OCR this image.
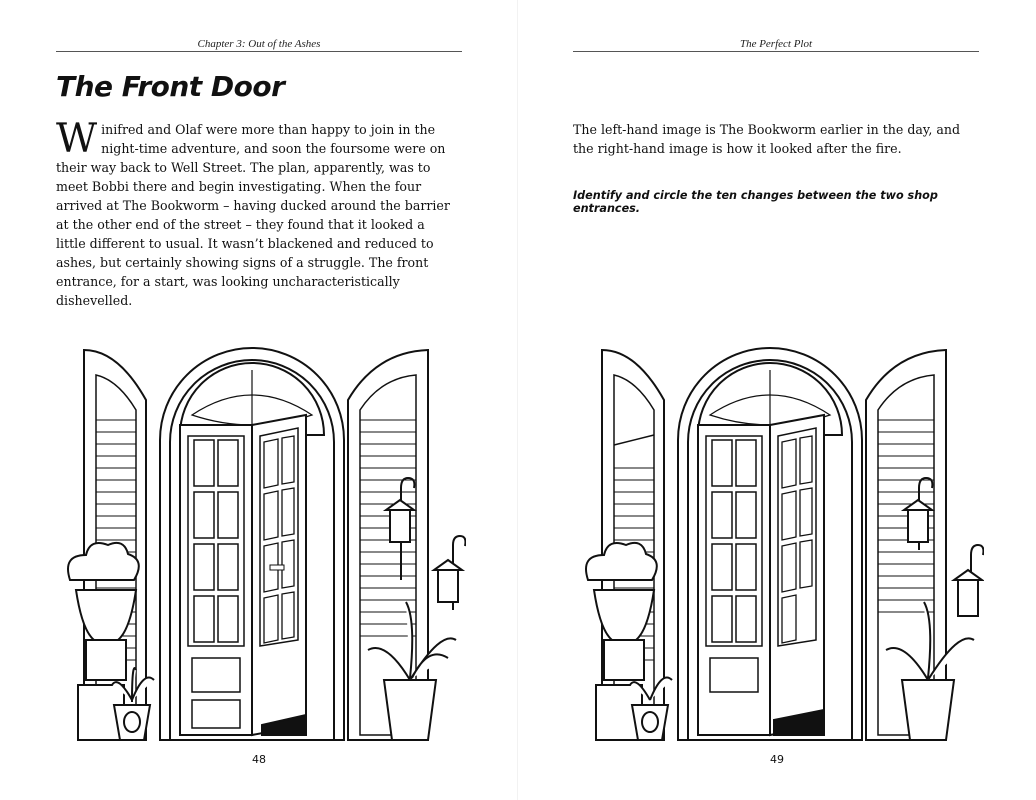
Chapter 3: Out of the Ashes
The Front Door

Winifred and Olaf were more than happy to join in the night-time adventure, and soon the foursome were on their way back to Well Street. The plan, apparently, was to meet Bobbi there and begin investigating. When the four arrived at The Bookworm – having ducked around the barrier at the other end of the street – they found that it looked a little different to usual. It wasn’t blackened and reduced to ashes, but certainly showing signs of a struggle. The front entrance, for a start, was looking uncharacteristically dishevelled.

48
The Perfect Plot

The left-hand image is The Bookworm earlier in the day, and the right-hand image is how it looked after the fire.

Identify and circle the ten changes between the two shop entrances.

49
